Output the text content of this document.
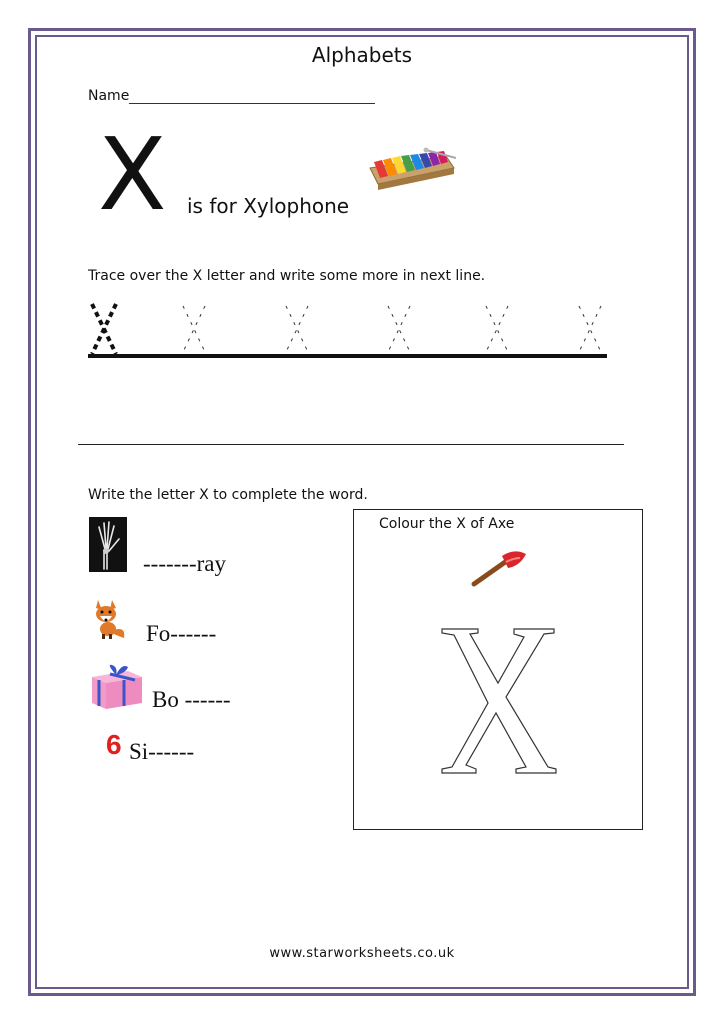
Alphabets
Name
X is for Xylophone
Trace over the X letter and write some more in next line.
Write the letter X to complete the word.
-------ray
Fo------
Bo ------
6 Si------
Colour the X of Axe
www.starworksheets.co.uk
